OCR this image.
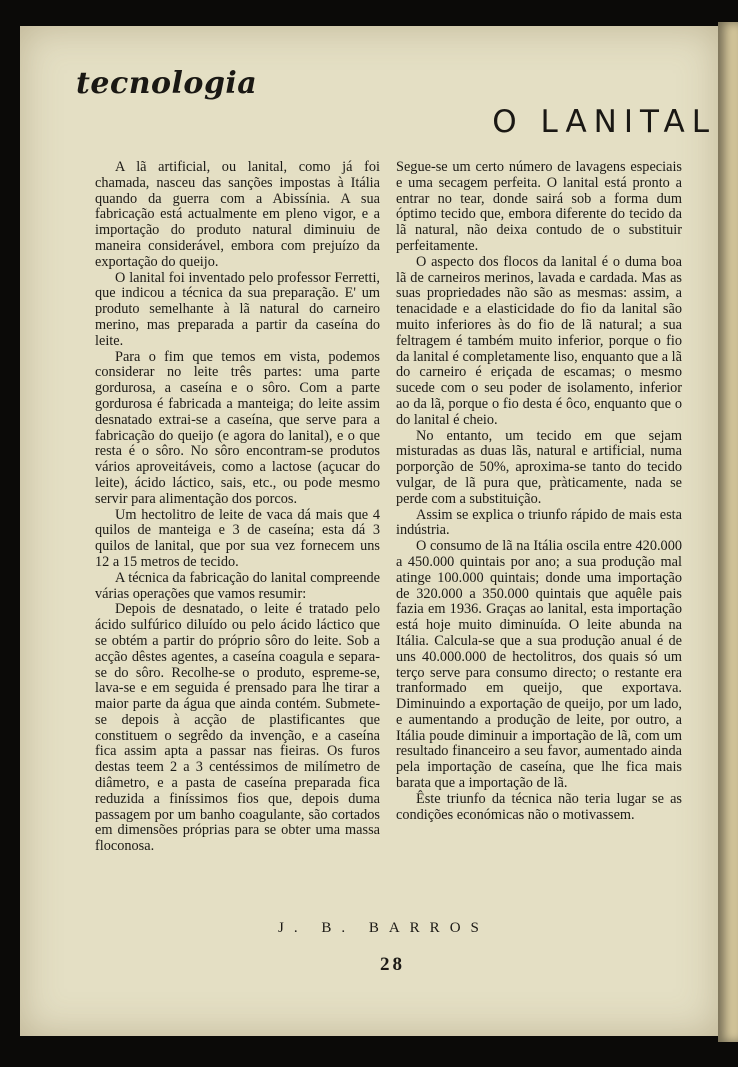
tecnologia
O LANITAL

A lã artificial, ou lanital, como já foi chamada, nasceu das sanções impostas à Itália quando da guerra com a Abissínia. A sua fabricação está actualmente em pleno vigor, e a importação do produto natural diminuiu de maneira considerável, embora com prejuízo da exportação do queijo.

O lanital foi inventado pelo professor Ferretti, que indicou a técnica da sua preparação. E' um produto semelhante à lã natural do carneiro merino, mas preparada a partir da caseína do leite.

Para o fim que temos em vista, podemos considerar no leite três partes: uma parte gordurosa, a caseína e o sôro. Com a parte gordurosa é fabricada a manteiga; do leite assim desnatado extrai-se a caseína, que serve para a fabricação do queijo (e agora do lanital), e o que resta é o sôro. No sôro encontram-se produtos vários aproveitáveis, como a lactose (açucar do leite), ácido láctico, sais, etc., ou pode mesmo servir para alimentação dos porcos.

Um hectolitro de leite de vaca dá mais que 4 quilos de manteiga e 3 de caseína; esta dá 3 quilos de lanital, que por sua vez fornecem uns 12 a 15 metros de tecido.

A técnica da fabricação do lanital compreende várias operações que vamos resumir:

Depois de desnatado, o leite é tratado pelo ácido sulfúrico diluído ou pelo ácido láctico que se obtém a partir do próprio sôro do leite. Sob a acção dêstes agentes, a caseína coagula e separa-se do sôro. Recolhe-se o produto, espreme-se, lava-se e em seguida é prensado para lhe tirar a maior parte da água que ainda contém. Submete-se depois à acção de plastificantes que constituem o segrêdo da invenção, e a caseína fica assim apta a passar nas fieiras. Os furos destas teem 2 a 3 centéssimos de milímetro de diâmetro, e a pasta de caseína preparada fica reduzida a finíssimos fios que, depois duma passagem por um banho coagulante, são cortados em dimensões próprias para se obter uma massa floconosa.

Segue-se um certo número de lavagens especiais e uma secagem perfeita. O lanital está pronto a entrar no tear, donde sairá sob a forma dum óptimo tecido que, embora diferente do tecido da lã natural, não deixa contudo de o substituir perfeitamente.

O aspecto dos flocos da lanital é o duma boa lã de carneiros merinos, lavada e cardada. Mas as suas propriedades não são as mesmas: assim, a tenacidade e a elasticidade do fio da lanital são muito inferiores às do fio de lã natural; a sua feltragem é também muito inferior, porque o fio da lanital é completamente liso, enquanto que a lã do carneiro é eriçada de escamas; o mesmo sucede com o seu poder de isolamento, inferior ao da lã, porque o fio desta é ôco, enquanto que o do lanital é cheio.

No entanto, um tecido em que sejam misturadas as duas lãs, natural e artificial, numa porporção de 50%, aproxima-se tanto do tecido vulgar, de lã pura que, pràticamente, nada se perde com a substituição.

Assim se explica o triunfo rápido de mais esta indústria.

O consumo de lã na Itália oscila entre 420.000 a 450.000 quintais por ano; a sua produção mal atinge 100.000 quintais; donde uma importação de 320.000 a 350.000 quintais que aquêle pais fazia em 1936. Graças ao lanital, esta importação está hoje muito diminuída. O leite abunda na Itália. Calcula-se que a sua produção anual é de uns 40.000.000 de hectolitros, dos quais só um terço serve para consumo directo; o restante era tranformado em queijo, que exportava. Diminuindo a exportação de queijo, por um lado, e aumentando a produção de leite, por outro, a Itália poude diminuir a importação de lã, com um resultado financeiro a seu favor, aumentado ainda pela importação de caseína, que lhe fica mais barata que a importação de lã.

Êste triunfo da técnica não teria lugar se as condições económicas não o motivassem.

J. B. BARROS
28
